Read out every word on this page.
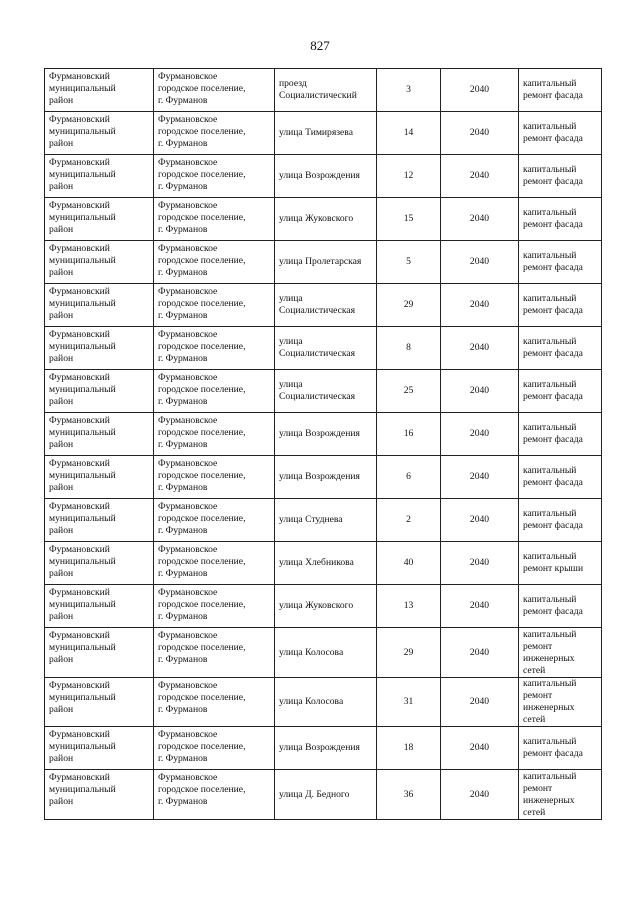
827
Фурмановский
муниципальный
район	Фурмановское
городское поселение,
г. Фурманов	проезд
Социалистический	3	2040	капитальный
ремонт фасада
Фурмановский
муниципальный
район	Фурмановское
городское поселение,
г. Фурманов	улица Тимирязева	14	2040	капитальный
ремонт фасада
Фурмановский
муниципальный
район	Фурмановское
городское поселение,
г. Фурманов	улица Возрождения	12	2040	капитальный
ремонт фасада
Фурмановский
муниципальный
район	Фурмановское
городское поселение,
г. Фурманов	улица Жуковского	15	2040	капитальный
ремонт фасада
Фурмановский
муниципальный
район	Фурмановское
городское поселение,
г. Фурманов	улица Пролетарская	5	2040	капитальный
ремонт фасада
Фурмановский
муниципальный
район	Фурмановское
городское поселение,
г. Фурманов	улица
Социалистическая	29	2040	капитальный
ремонт фасада
Фурмановский
муниципальный
район	Фурмановское
городское поселение,
г. Фурманов	улица
Социалистическая	8	2040	капитальный
ремонт фасада
Фурмановский
муниципальный
район	Фурмановское
городское поселение,
г. Фурманов	улица
Социалистическая	25	2040	капитальный
ремонт фасада
Фурмановский
муниципальный
район	Фурмановское
городское поселение,
г. Фурманов	улица Возрождения	16	2040	капитальный
ремонт фасада
Фурмановский
муниципальный
район	Фурмановское
городское поселение,
г. Фурманов	улица Возрождения	6	2040	капитальный
ремонт фасада
Фурмановский
муниципальный
район	Фурмановское
городское поселение,
г. Фурманов	улица Студнева	2	2040	капитальный
ремонт фасада
Фурмановский
муниципальный
район	Фурмановское
городское поселение,
г. Фурманов	улица Хлебникова	40	2040	капитальный
ремонт крыши
Фурмановский
муниципальный
район	Фурмановское
городское поселение,
г. Фурманов	улица Жуковского	13	2040	капитальный
ремонт фасада
Фурмановский
муниципальный
район	Фурмановское
городское поселение,
г. Фурманов	улица Колосова	29	2040	капитальный
ремонт
инженерных
сетей
Фурмановский
муниципальный
район	Фурмановское
городское поселение,
г. Фурманов	улица Колосова	31	2040	капитальный
ремонт
инженерных
сетей
Фурмановский
муниципальный
район	Фурмановское
городское поселение,
г. Фурманов	улица Возрождения	18	2040	капитальный
ремонт фасада
Фурмановский
муниципальный
район	Фурмановское
городское поселение,
г. Фурманов	улица Д. Бедного	36	2040	капитальный
ремонт
инженерных
сетей
